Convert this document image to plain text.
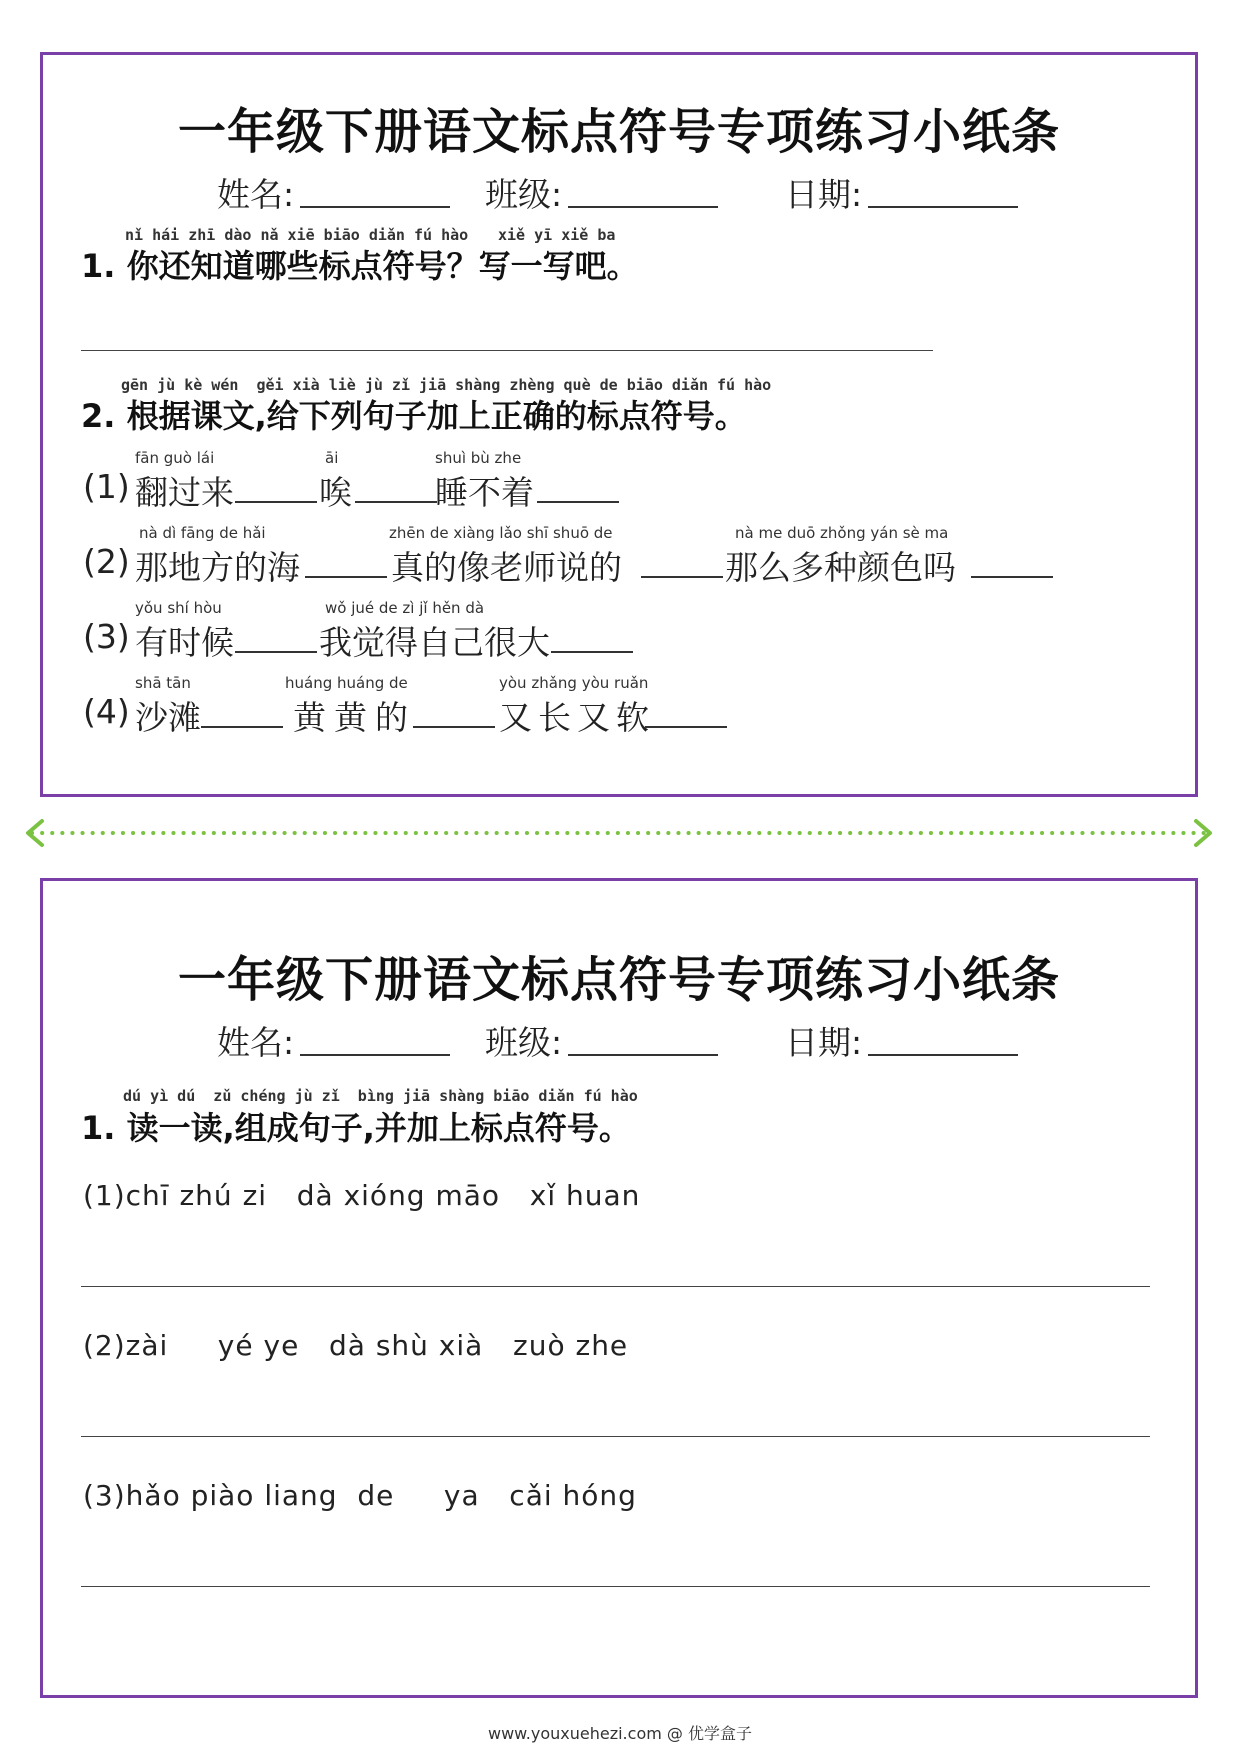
一年级下册语文标点符号专项练习小纸条
姓名:	班级:	日期:
nǐ hái zhī dào nǎ xiē biāo diǎn fú hào xiě yī xiě ba
1. 你还知道哪些标点符号？写一写吧。
gēn jù kè wén  gěi xià liè jù zǐ jiā shàng zhèng què de biāo diǎn fú hào
2. 根据课文,给下列句子加上正确的标点符号。
(1)
fān guò lái
翻过来
āi
唉
shuì bù zhe
睡不着
(2)
nà dì fāng de hǎi
那地方的海
zhēn de xiàng lǎo shī shuō de
真的像老师说的
nà me duō zhǒng yán sè ma
那么多种颜色吗
(3)
yǒu shí hòu
有时候
wǒ jué de zì jǐ hěn dà
我觉得自己很大
(4)
shā tān
沙滩
huáng huáng de
黄黄的
yòu zhǎng yòu ruǎn
又长又软
一年级下册语文标点符号专项练习小纸条
姓名:	班级:	日期:
dú yì dú  zǔ chéng jù zǐ  bìng jiā shàng biāo diǎn fú hào
1. 读一读,组成句子,并加上标点符号。
(1)chī zhú zi   dà xióng māo   xǐ huan
(2)zài     yé ye   dà shù xià   zuò zhe
(3)hǎo piào liang  de     ya   cǎi hóng
www.youxuehezi.com @ 优学盒子
